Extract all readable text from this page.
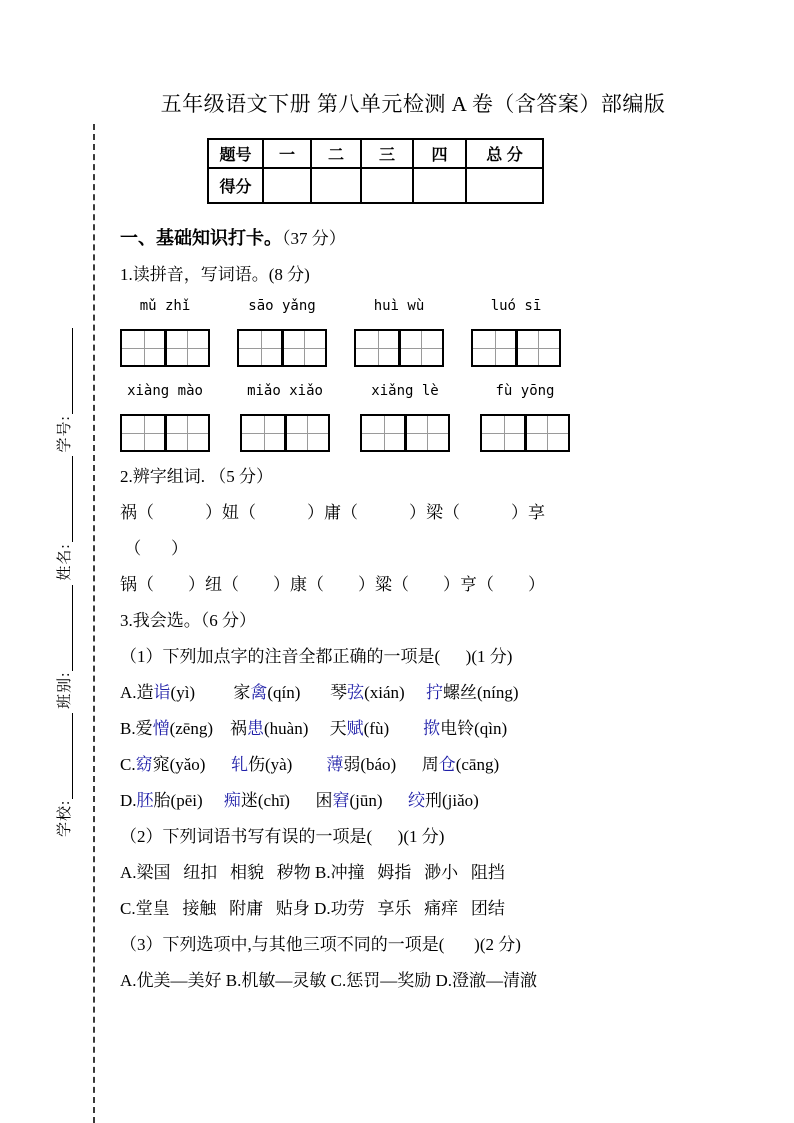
学校:
班别:
姓名:
学号:
五年级语文下册 第八单元检测 A 卷（含答案）部编版
题号	一	二	三	四	总 分
得分					

一、基础知识打卡。（37 分）

1.读拼音，写词语。(8 分)

mǔ zhǐ	sāo yǎng	huì wù	luó sī
xiàng mào	miǎo xiǎo	xiǎng lè	fù yōng

2.辨字组词. （5 分）

祸（            ）妞（            ）庸（            ）梁（            ）享

（       ）

锅（        ）纽（        ）康（        ）粱（        ）亨（        ）

3.我会选。（6 分）

（1）下列加点字的注音全都正确的一项是(      )(1 分)

A.造诣(yì)         家禽(qín)       琴弦(xián)     拧螺丝(níng)

B.爱憎(zēng)    祸患(huàn)     天赋(fù)        揿电铃(qìn)

C.窈窕(yǎo)      轧伤(yà)        薄弱(báo)      周仓(cāng)

D.胚胎(pēi)     痴迷(chī)      困窘(jūn)      绞刑(jiǎo)

（2）下列词语书写有误的一项是(      )(1 分)

A.梁国   纽扣   相貌   秽物 B.冲撞   姆指   渺小   阻挡

C.堂皇   接触   附庸   贴身 D.功劳   享乐   痛痒   团结

（3）下列选项中,与其他三项不同的一项是(       )(2 分)

A.优美—美好 B.机敏—灵敏 C.惩罚—奖励 D.澄澈—清澈
